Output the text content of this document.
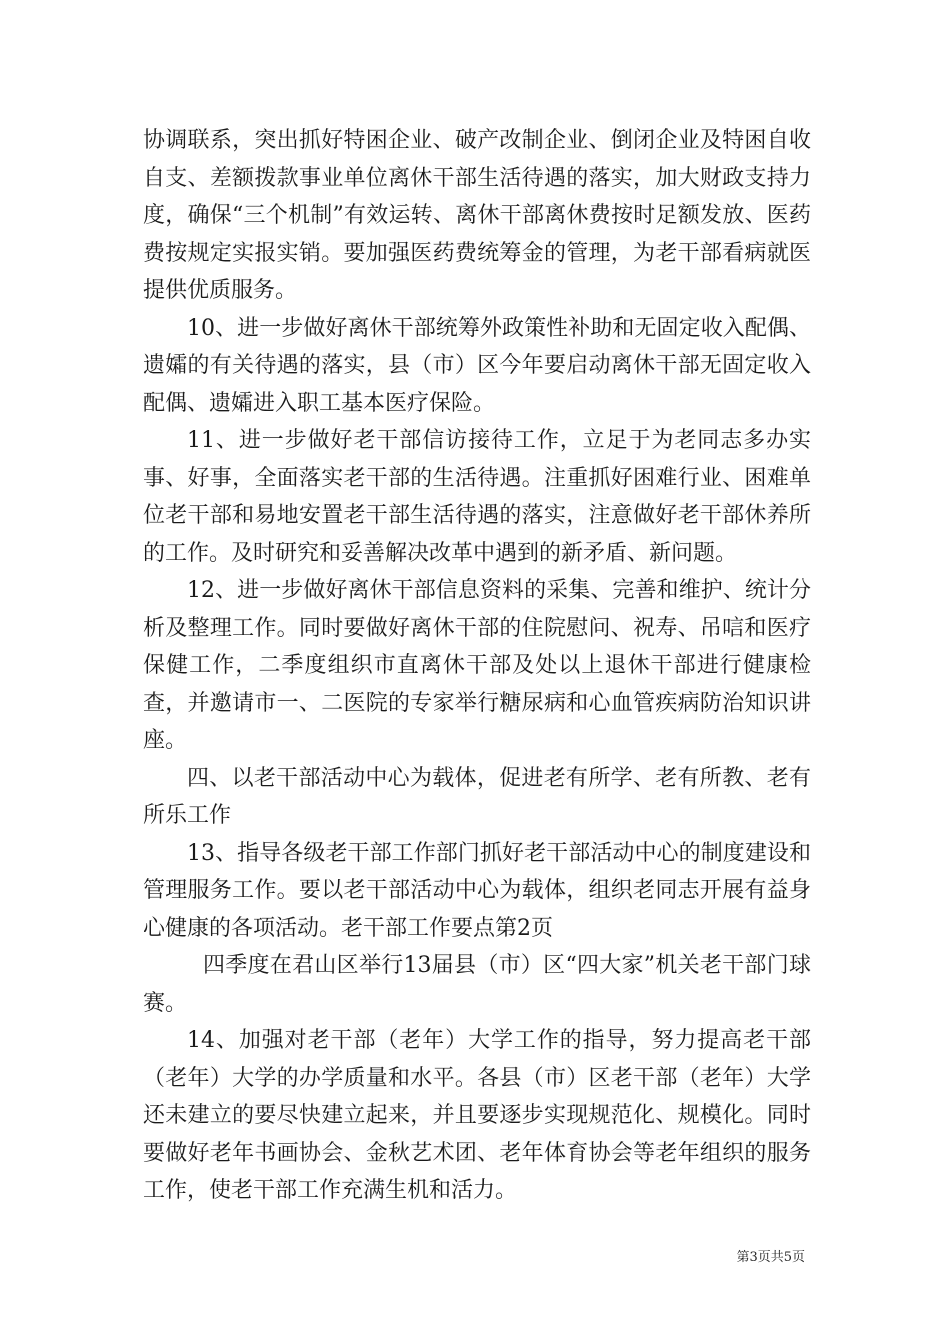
协调联系，突出抓好特困企业、破产改制企业、倒闭企业及特困自收自支、差额拨款事业单位离休干部生活待遇的落实，加大财政支持力度，确保“三个机制”有效运转、离休干部离休费按时足额发放、医药费按规定实报实销。要加强医药费统筹金的管理，为老干部看病就医提供优质服务。

10、进一步做好离休干部统筹外政策性补助和无固定收入配偶、遗孀的有关待遇的落实，县（市）区今年要启动离休干部无固定收入配偶、遗孀进入职工基本医疗保险。

11、进一步做好老干部信访接待工作，立足于为老同志多办实事、好事，全面落实老干部的生活待遇。注重抓好困难行业、困难单位老干部和易地安置老干部生活待遇的落实，注意做好老干部休养所的工作。及时研究和妥善解决改革中遇到的新矛盾、新问题。

12、进一步做好离休干部信息资料的采集、完善和维护、统计分析及整理工作。同时要做好离休干部的住院慰问、祝寿、吊唁和医疗保健工作，二季度组织市直离休干部及处以上退休干部进行健康检查，并邀请市一、二医院的专家举行糖尿病和心血管疾病防治知识讲座。

四、以老干部活动中心为载体，促进老有所学、老有所教、老有所乐工作

13、指导各级老干部工作部门抓好老干部活动中心的制度建设和管理服务工作。要以老干部活动中心为载体，组织老同志开展有益身心健康的各项活动。老干部工作要点第2页

四季度在君山区举行13届县（市）区“四大家”机关老干部门球赛。

14、加强对老干部（老年）大学工作的指导，努力提高老干部（老年）大学的办学质量和水平。各县（市）区老干部（老年）大学还未建立的要尽快建立起来，并且要逐步实现规范化、规模化。同时要做好老年书画协会、金秋艺术团、老年体育协会等老年组织的服务工作，使老干部工作充满生机和活力。

第3页共5页
